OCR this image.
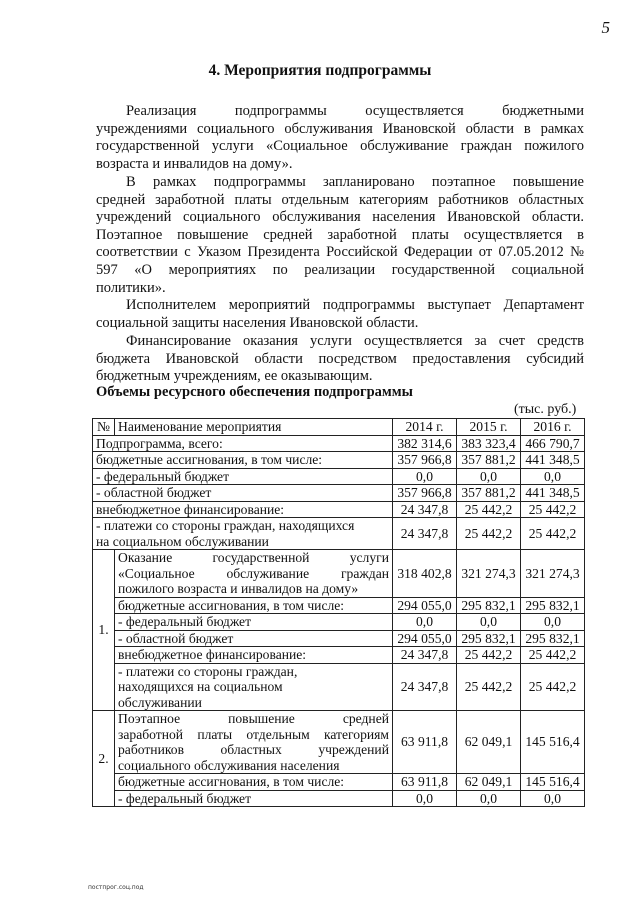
5
4. Мероприятия подпрограммы
Реализация подпрограммы осуществляется бюджетными
учреждениями социального обслуживания Ивановской области в рамках
государственной услуги «Социальное обслуживание граждан пожилого
возраста и инвалидов на дому».
В рамках подпрограммы запланировано поэтапное повышение
средней заработной платы отдельным категориям работников областных
учреждений социального обслуживания населения Ивановской области.
Поэтапное повышение средней заработной платы осуществляется в
соответствии с Указом Президента Российской Федерации от 07.05.2012 №
597 «О мероприятиях по реализации государственной социальной
политики».
Исполнителем мероприятий подпрограммы выступает Департамент
социальной защиты населения Ивановской области.
Финансирование оказания услуги осуществляется за счет средств
бюджета Ивановской области посредством предоставления субсидий
бюджетным учреждениям, ее оказывающим.
Объемы ресурсного обеспечения подпрограммы
(тыс. руб.)
№	Наименование мероприятия	2014 г.	2015 г.	2016 г.
Подпрограмма, всего:		382 314,6	383 323,4	466 790,7
бюджетные ассигнования, в том числе:		357 966,8	357 881,2	441 348,5
- федеральный бюджет		0,0	0,0	0,0
- областной бюджет		357 966,8	357 881,2	441 348,5
внебюджетное финансирование:		24 347,8	25 442,2	25 442,2

- платежи со стороны граждан, находящихся
на социальном обслуживании		24 347,8	25 442,2	25 442,2
1.	Оказание государственной услуги
«Социальное обслуживание граждан
пожилого возраста и инвалидов на дому»	318 402,8	321 274,3	321 274,3
	бюджетные ассигнования, в том числе:	294 055,0	295 832,1	295 832,1
	- федеральный бюджет	0,0	0,0	0,0
	- областной бюджет	294 055,0	295 832,1	295 832,1
	внебюджетное финансирование:	24 347,8	25 442,2	25 442,2

	- платежи со стороны граждан,
находящихся на социальном
обслуживании	24 347,8	25 442,2	25 442,2
2.	Поэтапное повышение средней
заработной платы отдельным категориям
работников областных учреждений
социального обслуживания населения	63 911,8	62 049,1	145 516,4
	бюджетные ассигнования, в том числе:	63 911,8	62 049,1	145 516,4
	- федеральный бюджет	0,0	0,0	0,0
постпрог.соц.под
